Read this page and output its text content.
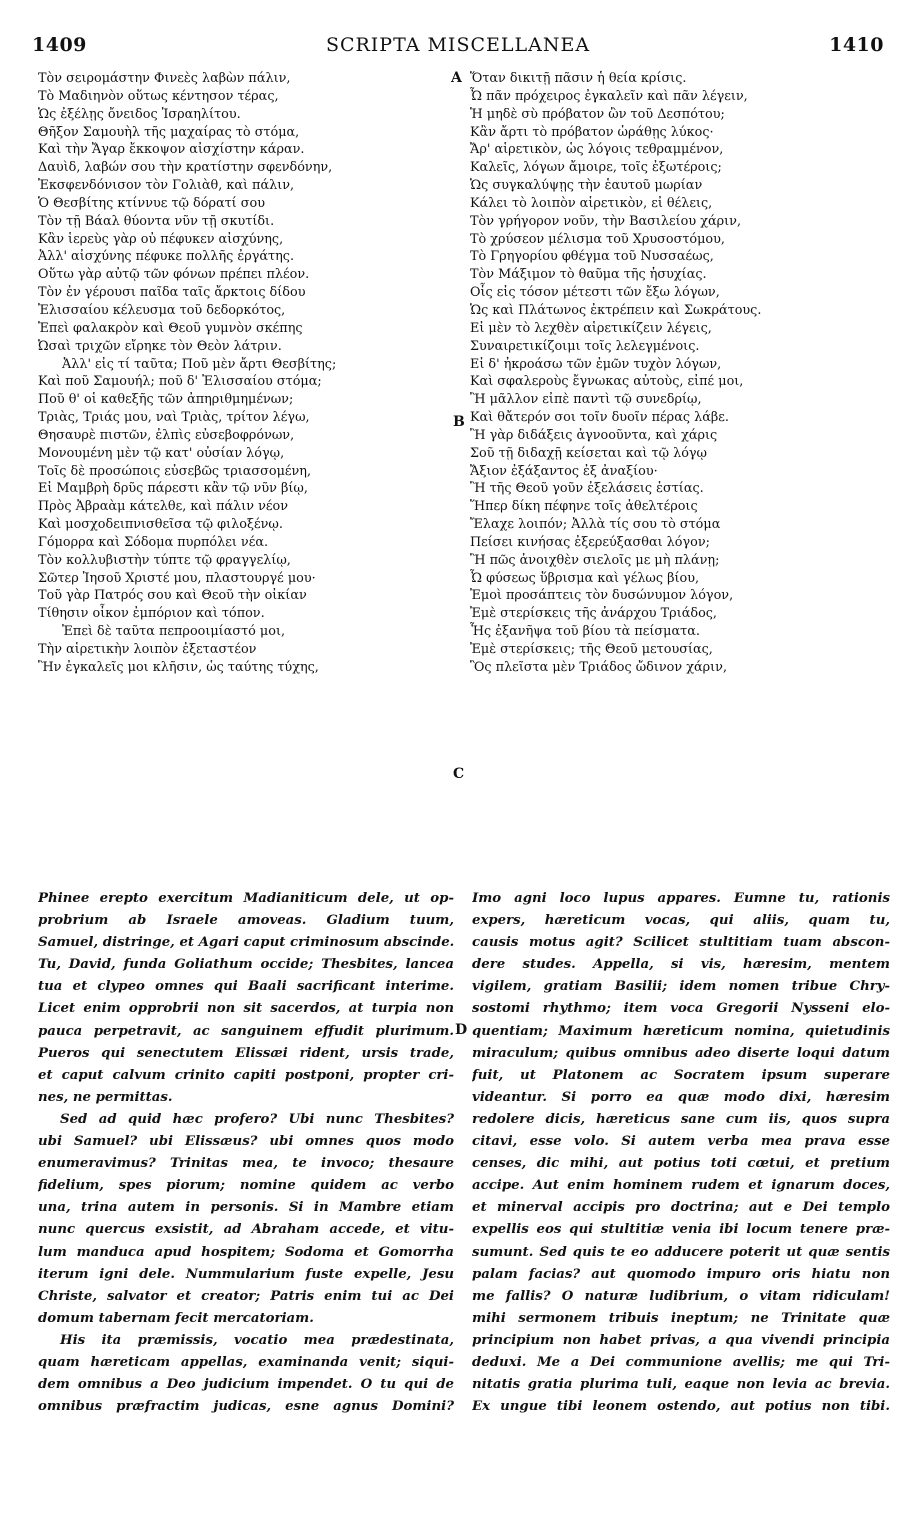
1409	SCRIPTA MISCELLANEA	1410
Τὸν σειρομάστην Φινεὲς λαβὼν πάλιν,
Τὸ Μαδιηνὸν οὕτως κέντησον τέρας,
Ὡς ἐξέλῃς ὄνειδος Ἰσραηλίτου.
Θῆξον Σαμουὴλ τῆς μαχαίρας τὸ στόμα,
Καὶ τὴν Ἄγαρ ἔκκοψον αἰσχίστην κάραν.
Δαυὶδ, λαβών σου τὴν κρατίστην σφενδόνην,
Ἐκσφενδόνισον τὸν Γολιὰθ, καὶ πάλιν,
Ὁ Θεσβίτης κτίννυε τῷ δόρατί σου
Τὸν τῇ Βάαλ θύοντα νῦν τῇ σκυτίδι.
Κἂν ἱερεὺς γὰρ οὐ πέφυκεν αἰσχύνης,
Ἀλλ' αἰσχύνης πέφυκε πολλῆς ἐργάτης.
Οὕτω γὰρ αὐτῷ τῶν φόνων πρέπει πλέον.
Τὸν ἐν γέρουσι παῖδα ταῖς ἄρκτοις δίδου
Ἐλισσαίου κέλευσμα τοῦ δεδορκότος,
Ἐπεὶ φαλακρὸν καὶ Θεοῦ γυμνὸν σκέπης
Ὠσαὶ τριχῶν εἴρηκε τὸν Θεὸν λάτριν.
Ἀλλ' εἰς τί ταῦτα; Ποῦ μὲν ἄρτι Θεσβίτης;
Καὶ ποῦ Σαμουήλ; ποῦ δ' Ἐλισσαίου στόμα;
Ποῦ θ' οἱ καθεξῆς τῶν ἀπηριθμημένων;
Τριὰς, Τριάς μου, ναὶ Τριὰς, τρίτον λέγω,
Θησαυρὲ πιστῶν, ἐλπὶς εὐσεβοφρόνων,
Μονουμένη μὲν τῷ κατ' οὐσίαν λόγῳ,
Τοῖς δὲ προσώποις εὐσεβῶς τριασσομένη,
Εἰ Μαμβρὴ δρῦς πάρεστι κἂν τῷ νῦν βίῳ,
Πρὸς Ἀβραὰμ κάτελθε, καὶ πάλιν νέον
Καὶ μοσχοδειπνισθεῖσα τῷ φιλοξένῳ.
Γόμορρα καὶ Σόδομα πυρπόλει νέα.
Τὸν κολλυβιστὴν τύπτε τῷ φραγγελίῳ,
Σῶτερ Ἰησοῦ Χριστέ μου, πλαστουργέ μου·
Τοῦ γὰρ Πατρός σου καὶ Θεοῦ τὴν οἰκίαν
Τίθησιν οἶκον ἐμπόριον καὶ τόπον.
Ἐπεὶ δὲ ταῦτα πεπροοιμίαστό μοι,
Τὴν αἱρετικὴν λοιπὸν ἐξεταστέον
Ἣν ἐγκαλεῖς μοι κλῆσιν, ὡς ταύτης τύχης,
Ὅταν δικιτῇ πᾶσιν ἡ θεία κρίσις.
Ὦ πᾶν πρόχειρος ἐγκαλεῖν καὶ πᾶν λέγειν,
Ἡ μηδὲ σὺ πρόβατον ὢν τοῦ Δεσπότου;
Κἂν ἄρτι τὸ πρόβατον ὡράθῃς λύκος·
Ἄρ' αἱρετικὸν, ὡς λόγοις τεθραμμένον,
Καλεῖς, λόγων ἄμοιρε, τοῖς ἐξωτέροις;
Ὡς συγκαλύψῃς τὴν ἑαυτοῦ μωρίαν
Κάλει τὸ λοιπὸν αἱρετικὸν, εἰ θέλεις,
Τὸν γρήγορον νοῦν, τὴν Βασιλείου χάριν,
Τὸ χρύσεον μέλισμα τοῦ Χρυσοστόμου,
Τὸ Γρηγορίου φθέγμα τοῦ Νυσσαέως,
Τὸν Μάξιμον τὸ θαῦμα τῆς ἡσυχίας.
Οἷς εἰς τόσον μέτεστι τῶν ἔξω λόγων,
Ὡς καὶ Πλάτωνος ἐκτρέπειν καὶ Σωκράτους.
Εἰ μὲν τὸ λεχθὲν αἱρετικίζειν λέγεις,
Συναιρετικίζοιμι τοῖς λελεγμένοις.
Εἰ δ' ἠκροάσω τῶν ἐμῶν τυχὸν λόγων,
Καὶ σφαλεροὺς ἔγνωκας αὐτοὺς, εἰπέ μοι,
Ἢ μᾶλλον εἰπὲ παντὶ τῷ συνεδρίῳ,
Καὶ θἄτερόν σοι τοῖν δυοῖν πέρας λάβε.
Ἢ γὰρ διδάξεις ἀγνοοῦντα, καὶ χάρις
Σοῦ τῇ διδαχῇ κείσεται καὶ τῷ λόγῳ
Ἄξιον ἐξάξαντος ἐξ ἀναξίου·
Ἢ τῆς Θεοῦ γοῦν ἐξελάσεις ἑστίας.
Ἥπερ δίκη πέφηνε τοῖς ἀθελτέροις
Ἔλαχε λοιπόν; Ἀλλὰ τίς σου τὸ στόμα
Πείσει κινήσας ἐξερεύξασθαι λόγον;
Ἢ πῶς ἀνοιχθὲν σιελοῖς με μὴ πλάνῃ;
Ὦ φύσεως ὕβρισμα καὶ γέλως βίου,
Ἐμοὶ προσάπτεις τὸν δυσώνυμον λόγον,
Ἐμὲ στερίσκεις τῆς ἀνάρχου Τριάδος,
Ἧς ἐξανῆψα τοῦ βίου τὰ πείσματα.
Ἐμὲ στερίσκεις; τῆς Θεοῦ μετουσίας,
Ὃς πλεῖστα μὲν Τριάδος ὤδινον χάριν,
A
B
C
D
Phinee erepto exercitum Madianiticum dele, ut op-
probrium ab Israele amoveas. Gladium tuum,
Samuel, distringe, et Agari caput criminosum abscinde.
Tu, David, funda Goliathum occide; Thesbites, lancea
tua et clypeo omnes qui Baali sacrificant interime.
Licet enim opprobrii non sit sacerdos, at turpia non
pauca perpetravit, ac sanguinem effudit plurimum.
Pueros qui senectutem Elissæi rident, ursis trade,
et caput calvum crinito capiti postponi, propter cri-
nes, ne permittas.
Sed ad quid hæc profero? Ubi nunc Thesbites?
ubi Samuel? ubi Elissæus? ubi omnes quos modo
enumeravimus? Trinitas mea, te invoco; thesaure
fidelium, spes piorum; nomine quidem ac verbo
una, trina autem in personis. Si in Mambre etiam
nunc quercus exsistit, ad Abraham accede, et vitu-
lum manduca apud hospitem; Sodoma et Gomorrha
iterum igni dele. Nummularium fuste expelle, Jesu
Christe, salvator et creator; Patris enim tui ac Dei
domum tabernam fecit mercatoriam.
His ita præmissis, vocatio mea prædestinata,
quam hæreticam appellas, examinanda venit; siqui-
dem omnibus a Deo judicium impendet. O tu qui de
omnibus præfractim judicas, esne agnus Domini?
Imo agni loco lupus appares. Eumne tu, rationis
expers, hæreticum vocas, qui aliis, quam tu,
causis motus agit? Scilicet stultitiam tuam abscon-
dere studes. Appella, si vis, hæresim, mentem
vigilem, gratiam Basilii; idem nomen tribue Chry-
sostomi rhythmo; item voca Gregorii Nysseni elo-
quentiam; Maximum hæreticum nomina, quietudinis
miraculum; quibus omnibus adeo diserte loqui datum
fuit, ut Platonem ac Socratem ipsum superare
videantur. Si porro ea quæ modo dixi, hæresim
redolere dicis, hæreticus sane cum iis, quos supra
citavi, esse volo. Si autem verba mea prava esse
censes, dic mihi, aut potius toti cœtui, et pretium
accipe. Aut enim hominem rudem et ignarum doces,
et minerval accipis pro doctrina; aut e Dei templo
expellis eos qui stultitiæ venia ibi locum tenere præ-
sumunt. Sed quis te eo adducere poterit ut quæ sentis
palam facias? aut quomodo impuro oris hiatu non
me fallis? O naturæ ludibrium, o vitam ridiculam!
mihi sermonem tribuis ineptum; ne Trinitate quæ
principium non habet privas, a qua vivendi principia
deduxi. Me a Dei communione avellis; me qui Tri-
nitatis gratia plurima tuli, eaque non levia ac brevia.
Ex ungue tibi leonem ostendo, aut potius non tibi.
